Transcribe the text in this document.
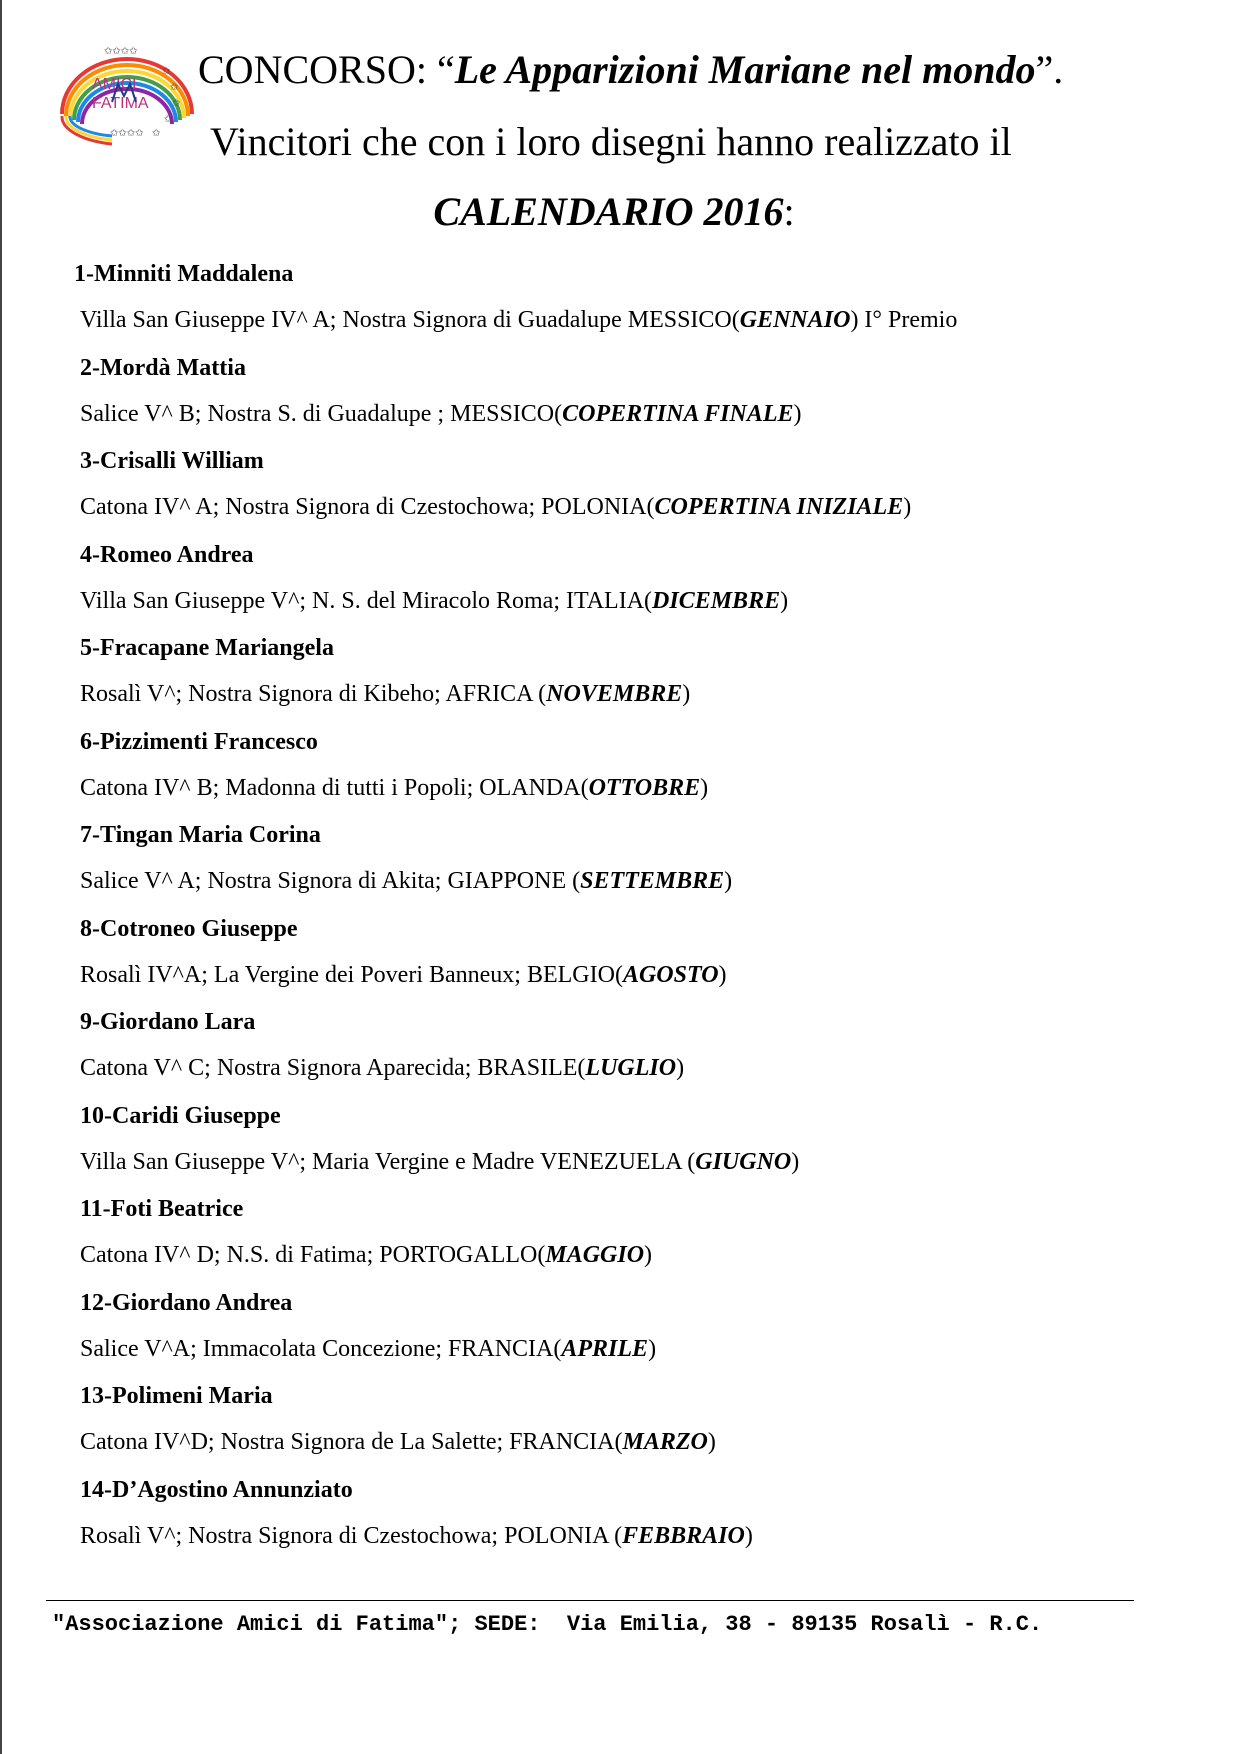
✩✩✩✩
✩
✩
✩
✩
✩✩✩✩ ✩
AMICI
FATIMA
CONCORSO: “Le Apparizioni Mariane nel mondo”.
Vincitori che con i loro disegni hanno realizzato il
CALENDARIO 2016:
1-Minniti Maddalena
Villa San Giuseppe IV^ A; Nostra Signora di Guadalupe MESSICO(GENNAIO) I° Premio
2-Mordà Mattia
Salice V^ B; Nostra S. di Guadalupe ; MESSICO(COPERTINA FINALE)
3-Crisalli William
Catona IV^ A; Nostra Signora di Czestochowa; POLONIA(COPERTINA INIZIALE)
4-Romeo Andrea
Villa San Giuseppe V^; N. S. del Miracolo Roma; ITALIA(DICEMBRE)
5-Fracapane Mariangela
Rosalì V^; Nostra Signora di Kibeho; AFRICA (NOVEMBRE)
6-Pizzimenti Francesco
Catona IV^ B; Madonna di tutti i Popoli; OLANDA(OTTOBRE)
7-Tingan Maria Corina
Salice V^ A; Nostra Signora di Akita; GIAPPONE (SETTEMBRE)
8-Cotroneo Giuseppe
Rosalì IV^A; La Vergine dei Poveri Banneux; BELGIO(AGOSTO)
9-Giordano Lara
Catona V^ C; Nostra Signora Aparecida; BRASILE(LUGLIO)
10-Caridi Giuseppe
Villa San Giuseppe V^; Maria Vergine e Madre VENEZUELA (GIUGNO)
11-Foti Beatrice
Catona IV^ D; N.S. di Fatima; PORTOGALLO(MAGGIO)
12-Giordano Andrea
Salice V^A; Immacolata Concezione; FRANCIA(APRILE)
13-Polimeni Maria
Catona IV^D; Nostra Signora de La Salette; FRANCIA(MARZO)
14-D’Agostino Annunziato
Rosalì V^; Nostra Signora di Czestochowa; POLONIA (FEBBRAIO)
"Associazione Amici di Fatima"; SEDE:  Via Emilia, 38 - 89135 Rosalì - R.C.
